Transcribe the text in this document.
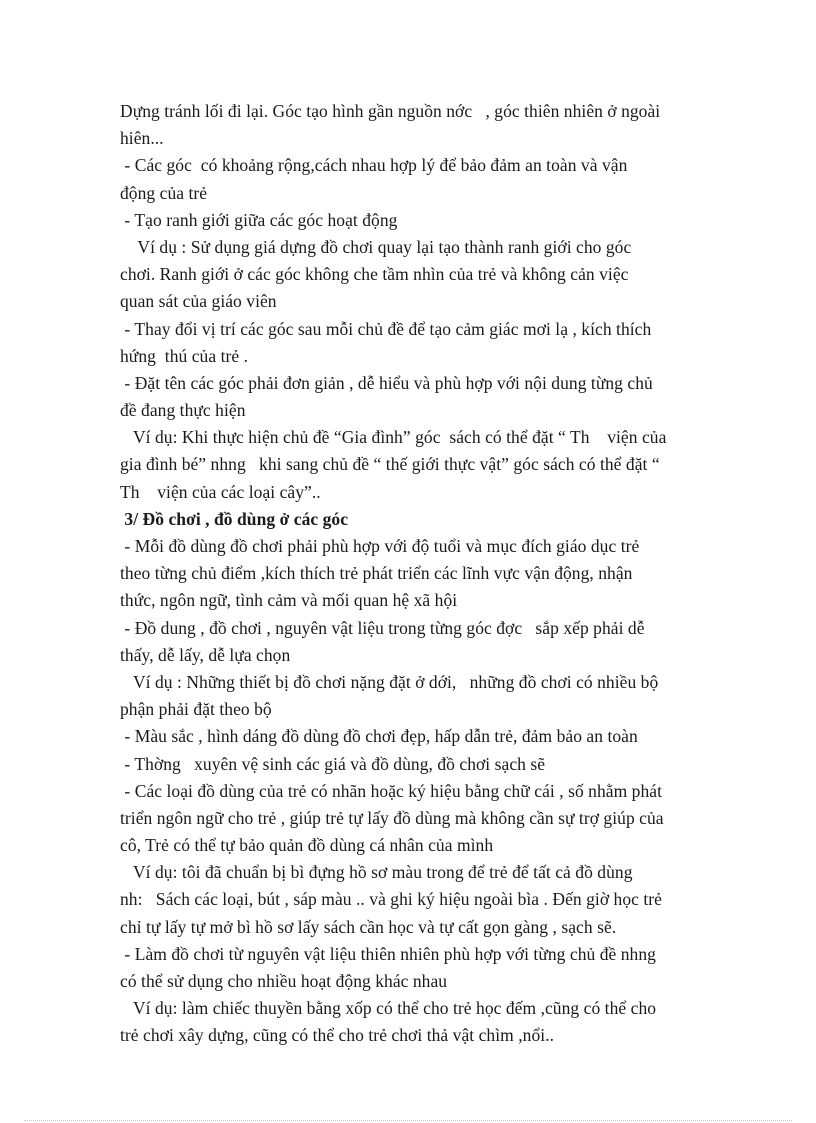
Dựng tránh lối đi lại. Góc tạo hình gần nguồn nớc   , góc thiên nhiên ở ngoài
hiên...
- Các góc  có khoảng rộng,cách nhau hợp lý để bảo đảm an toàn và vận
động của trẻ
- Tạo ranh giới giữa các góc hoạt động
Ví dụ : Sử dụng giá dựng đồ chơi quay lại tạo thành ranh giới cho góc
chơi. Ranh giới ở các góc không che tầm nhìn của trẻ và không cản việc
quan sát của giáo viên
- Thay đổi vị trí các góc sau mỗi chủ đề để tạo cảm giác mơi lạ , kích thích
hứng  thú của trẻ .
- Đặt tên các góc phải đơn giản , dễ hiểu và phù hợp với nội dung từng chủ
đề đang thực hiện
Ví dụ: Khi thực hiện chủ đề “Gia đình” góc  sách có thể đặt “ Th    viện của
gia đình bé” nhng   khi sang chủ đề “ thế giới thực vật” góc sách có thể đặt “
Th    viện của các loại cây”..
3/ Đồ chơi , đồ dùng ở các góc
- Mỗi đồ dùng đồ chơi phải phù hợp với độ tuổi và mục đích giáo dục trẻ
theo từng chủ điểm ,kích thích trẻ phát triển các lĩnh vực vận động, nhận
thức, ngôn ngữ, tình cảm và mối quan hệ xã hội
- Đồ dung , đồ chơi , nguyên vật liệu trong từng góc đợc   sắp xếp phải dễ
thấy, dễ lấy, dễ lựa chọn
Ví dụ : Những thiết bị đồ chơi nặng đặt ở dới,   những đồ chơi có nhiều bộ
phận phải đặt theo bộ
- Màu sắc , hình dáng đồ dùng đồ chơi đẹp, hấp dẫn trẻ, đảm bảo an toàn
- Thờng   xuyên vệ sinh các giá và đồ dùng, đồ chơi sạch sẽ
- Các loại đồ dùng của trẻ có nhãn hoặc ký hiệu bằng chữ cái , số nhằm phát
triển ngôn ngữ cho trẻ , giúp trẻ tự lấy đồ dùng mà không cần sự trợ giúp của
cô, Trẻ có thể tự bảo quản đồ dùng cá nhân của mình
Ví dụ: tôi đã chuẩn bị bì đựng hồ sơ màu trong để trẻ để tất cả đồ dùng
nh:   Sách các loại, bút , sáp màu .. và ghi ký hiệu ngoài bìa . Đến giờ học trẻ
chỉ tự lấy tự mở bì hồ sơ lấy sách cần học và tự cất gọn gàng , sạch sẽ.
- Làm đồ chơi từ nguyên vật liệu thiên nhiên phù hợp với từng chủ đề nhng
có thể sử dụng cho nhiều hoạt động khác nhau
Ví dụ: làm chiếc thuyền bằng xốp có thể cho trẻ học đếm ,cũng có thể cho
trẻ chơi xây dựng, cũng có thể cho trẻ chơi thả vật chìm ,nổi..
